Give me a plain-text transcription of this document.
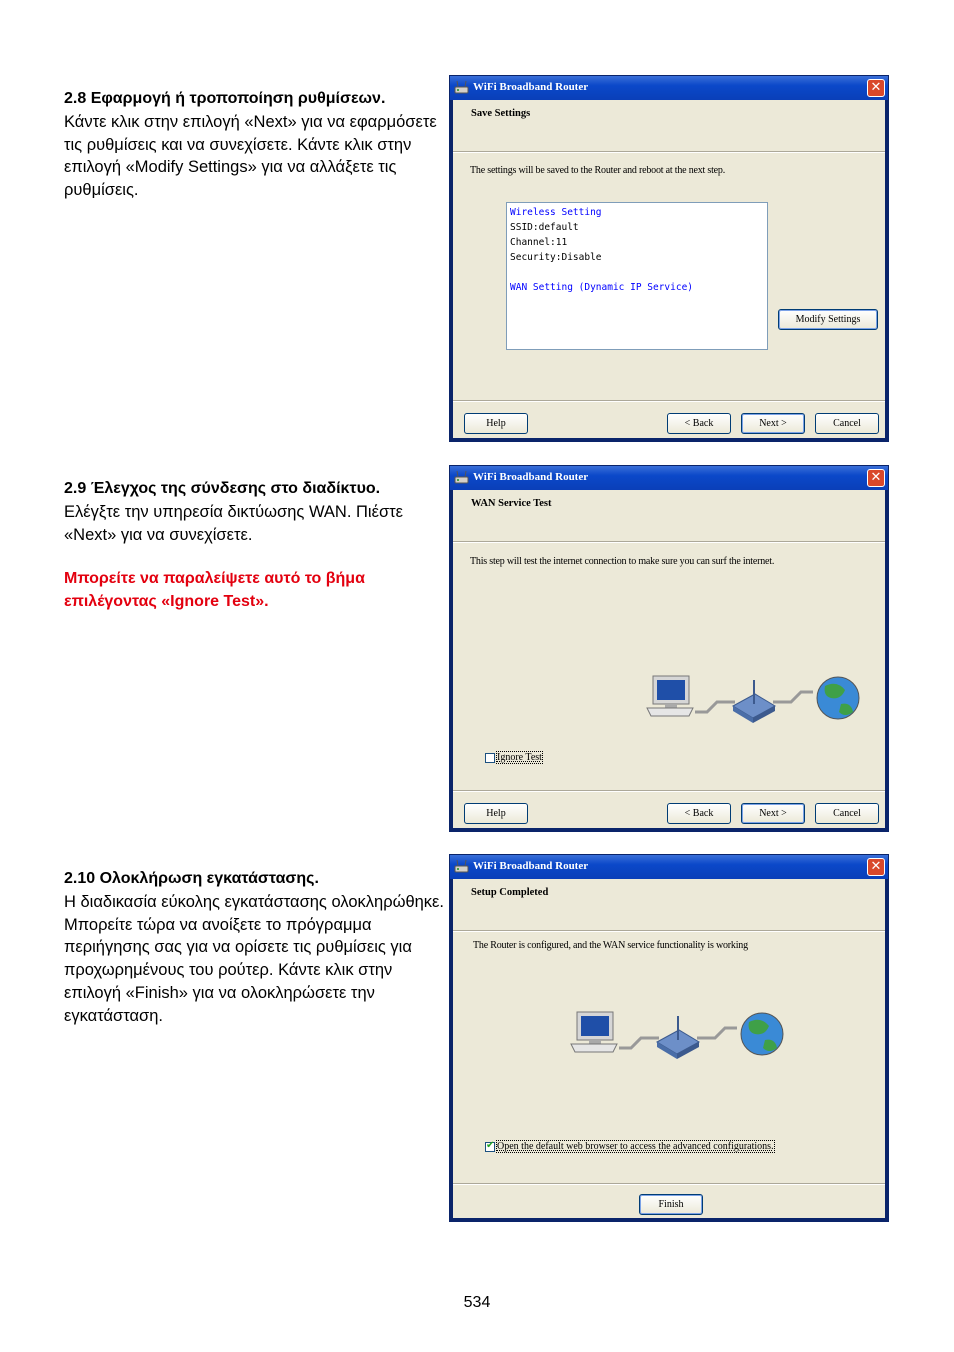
2.8 Εφαρμογή ή τροποποίηση ρυθμίσεων.
Κάντε κλικ στην επιλογή «Next» για να εφαρμόσετε τις ρυθμίσεις και να συνεχίσετε. Κάντε κλικ στην επιλογή «Modify Settings» για να αλλάξετε τις ρυθμίσεις.
2.9 Έλεγχος της σύνδεσης στο διαδίκτυο.
Ελέγξτε την υπηρεσία δικτύωσης WAN. Πιέστε «Next» για να συνεχίσετε.
Μπορείτε να παραλείψετε αυτό το βήμα επιλέγοντας «Ignore Test».
2.10 Ολοκλήρωση εγκατάστασης.
Η διαδικασία εύκολης εγκατάστασης ολοκληρώθηκε. Μπορείτε τώρα να ανοίξετε το πρόγραμμα περιήγησης σας για να ορίσετε τις ρυθμίσεις για προχωρημένους του ρούτερ. Κάντε κλικ στην επιλογή «Finish» για να ολοκληρώσετε την εγκατάσταση.
WiFi Broadband Router	✕
Save Settings
The settings will be saved to the Router and reboot at the next step.
Wireless Setting
SSID:default
Channel:11
Security:Disable
WAN Setting (Dynamic IP Service)
Modify Settings
Help	< Back	Next >	Cancel
WiFi Broadband Router	✕
WAN Service Test
This step will test the internet connection to make sure you can surf the internet.
Ignore Test
Help	< Back	Next >	Cancel
WiFi Broadband Router	✕
Setup Completed
The Router is configured, and the WAN service functionality is working
✔ Open the default web browser to access the advanced configurations.
Finish
534
